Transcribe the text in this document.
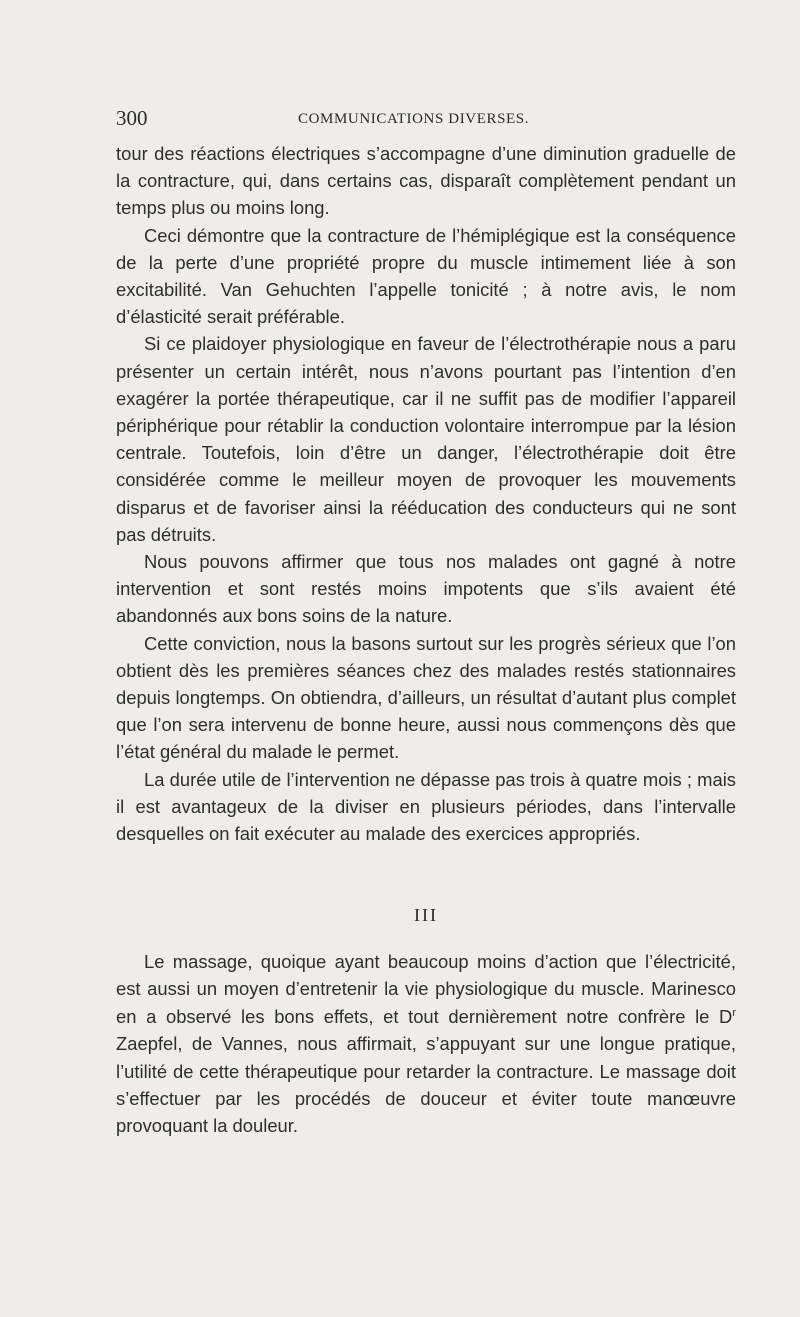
300	COMMUNICATIONS DIVERSES.

tour des réactions électriques s’accompagne d’une diminution graduelle de la contracture, qui, dans certains cas, disparaît complètement pendant un temps plus ou moins long.

Ceci démontre que la contracture de l’hémiplégique est la conséquence de la perte d’une propriété propre du muscle intimement liée à son excitabilité. Van Gehuchten l’appelle tonicité ; à notre avis, le nom d’élasticité serait préférable.

Si ce plaidoyer physiologique en faveur de l’électrothérapie nous a paru présenter un certain intérêt, nous n’avons pourtant pas l’intention d’en exagérer la portée thérapeutique, car il ne suffit pas de modifier l’appareil périphérique pour rétablir la conduction volontaire interrompue par la lésion centrale. Toutefois, loin d’être un danger, l’électrothérapie doit être considérée comme le meilleur moyen de provoquer les mouvements disparus et de favoriser ainsi la rééducation des conducteurs qui ne sont pas détruits.

Nous pouvons affirmer que tous nos malades ont gagné à notre intervention et sont restés moins impotents que s’ils avaient été abandonnés aux bons soins de la nature.

Cette conviction, nous la basons surtout sur les progrès sérieux que l’on obtient dès les premières séances chez des malades restés stationnaires depuis longtemps. On obtiendra, d’ailleurs, un résultat d’autant plus complet que l’on sera intervenu de bonne heure, aussi nous commençons dès que l’état général du malade le permet.

La durée utile de l’intervention ne dépasse pas trois à quatre mois ; mais il est avantageux de la diviser en plusieurs périodes, dans l’intervalle desquelles on fait exécuter au malade des exercices appropriés.

III

Le massage, quoique ayant beaucoup moins d’action que l’électricité, est aussi un moyen d’entretenir la vie physiologique du muscle. Marinesco en a observé les bons effets, et tout dernièrement notre confrère le $D^r$ Zaepfel, de Vannes, nous affirmait, s’appuyant sur une longue pratique, l’utilité de cette thérapeutique pour retarder la contracture. Le massage doit s’effectuer par les procédés de douceur et éviter toute manœuvre provoquant la douleur.
